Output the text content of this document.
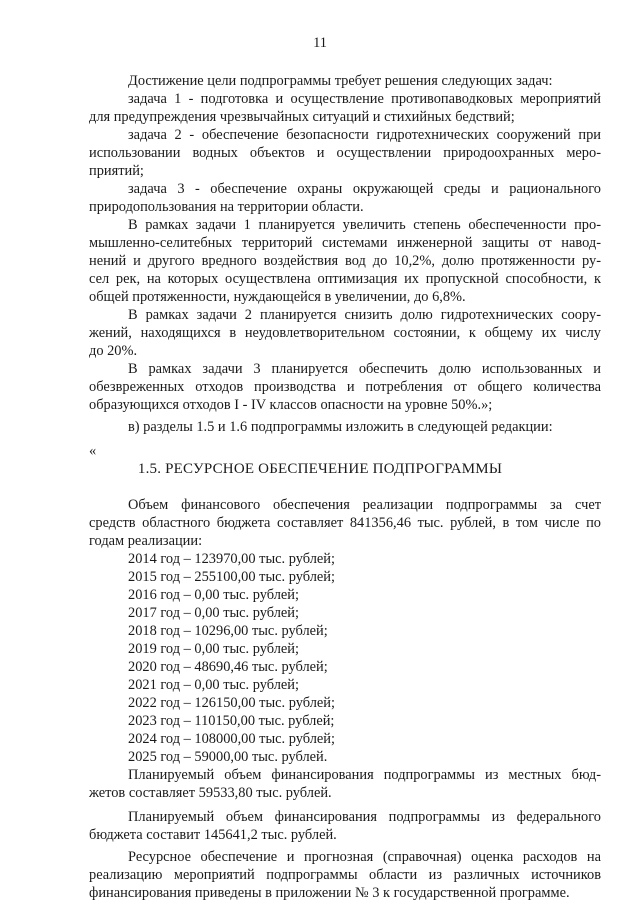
11
Достижение цели подпрограммы требует решения следующих задач:
задача 1 - подготовка и осуществление противопаводковых мероприятий
для предупреждения чрезвычайных ситуаций и стихийных бедствий;
задача 2 - обеспечение безопасности гидротехнических сооружений при
использовании водных объектов и осуществлении природоохранных меро-
приятий;
задача 3 - обеспечение охраны окружающей среды и рационального
природопользования на территории области.
В рамках задачи 1 планируется увеличить степень обеспеченности про-
мышленно-селитебных территорий системами инженерной защиты от навод-
нений и другого вредного воздействия вод до 10,2%, долю протяженности ру-
сел рек, на которых осуществлена оптимизация их пропускной способности, к
общей протяженности, нуждающейся в увеличении, до 6,8%.
В рамках задачи 2 планируется снизить долю гидротехнических соору-
жений, находящихся в неудовлетворительном состоянии, к общему их числу
до 20%.
В рамках задачи 3 планируется обеспечить долю использованных и
обезвреженных отходов производства и потребления от общего количества
образующихся отходов I - IV классов опасности на уровне 50%.»;
в) разделы 1.5 и 1.6 подпрограммы изложить в следующей редакции:
«
1.5. РЕСУРСНОЕ ОБЕСПЕЧЕНИЕ ПОДПРОГРАММЫ
Объем финансового обеспечения реализации подпрограммы за счет
средств областного бюджета составляет 841356,46 тыс. рублей, в том числе по
годам реализации:
2014 год – 123970,00 тыс. рублей;
2015 год – 255100,00 тыс. рублей;
2016 год – 0,00 тыс. рублей;
2017 год – 0,00 тыс. рублей;
2018 год – 10296,00 тыс. рублей;
2019 год – 0,00 тыс. рублей;
2020 год – 48690,46 тыс. рублей;
2021 год – 0,00 тыс. рублей;
2022 год – 126150,00 тыс. рублей;
2023 год – 110150,00 тыс. рублей;
2024 год – 108000,00 тыс. рублей;
2025 год – 59000,00 тыс. рублей.
Планируемый объем финансирования подпрограммы из местных бюд-
жетов составляет 59533,80 тыс. рублей.
Планируемый объем финансирования подпрограммы из федерального
бюджета составит 145641,2 тыс. рублей.
Ресурсное обеспечение и прогнозная (справочная) оценка расходов на
реализацию мероприятий подпрограммы области из различных источников
финансирования приведены в приложении № 3 к государственной программе.
